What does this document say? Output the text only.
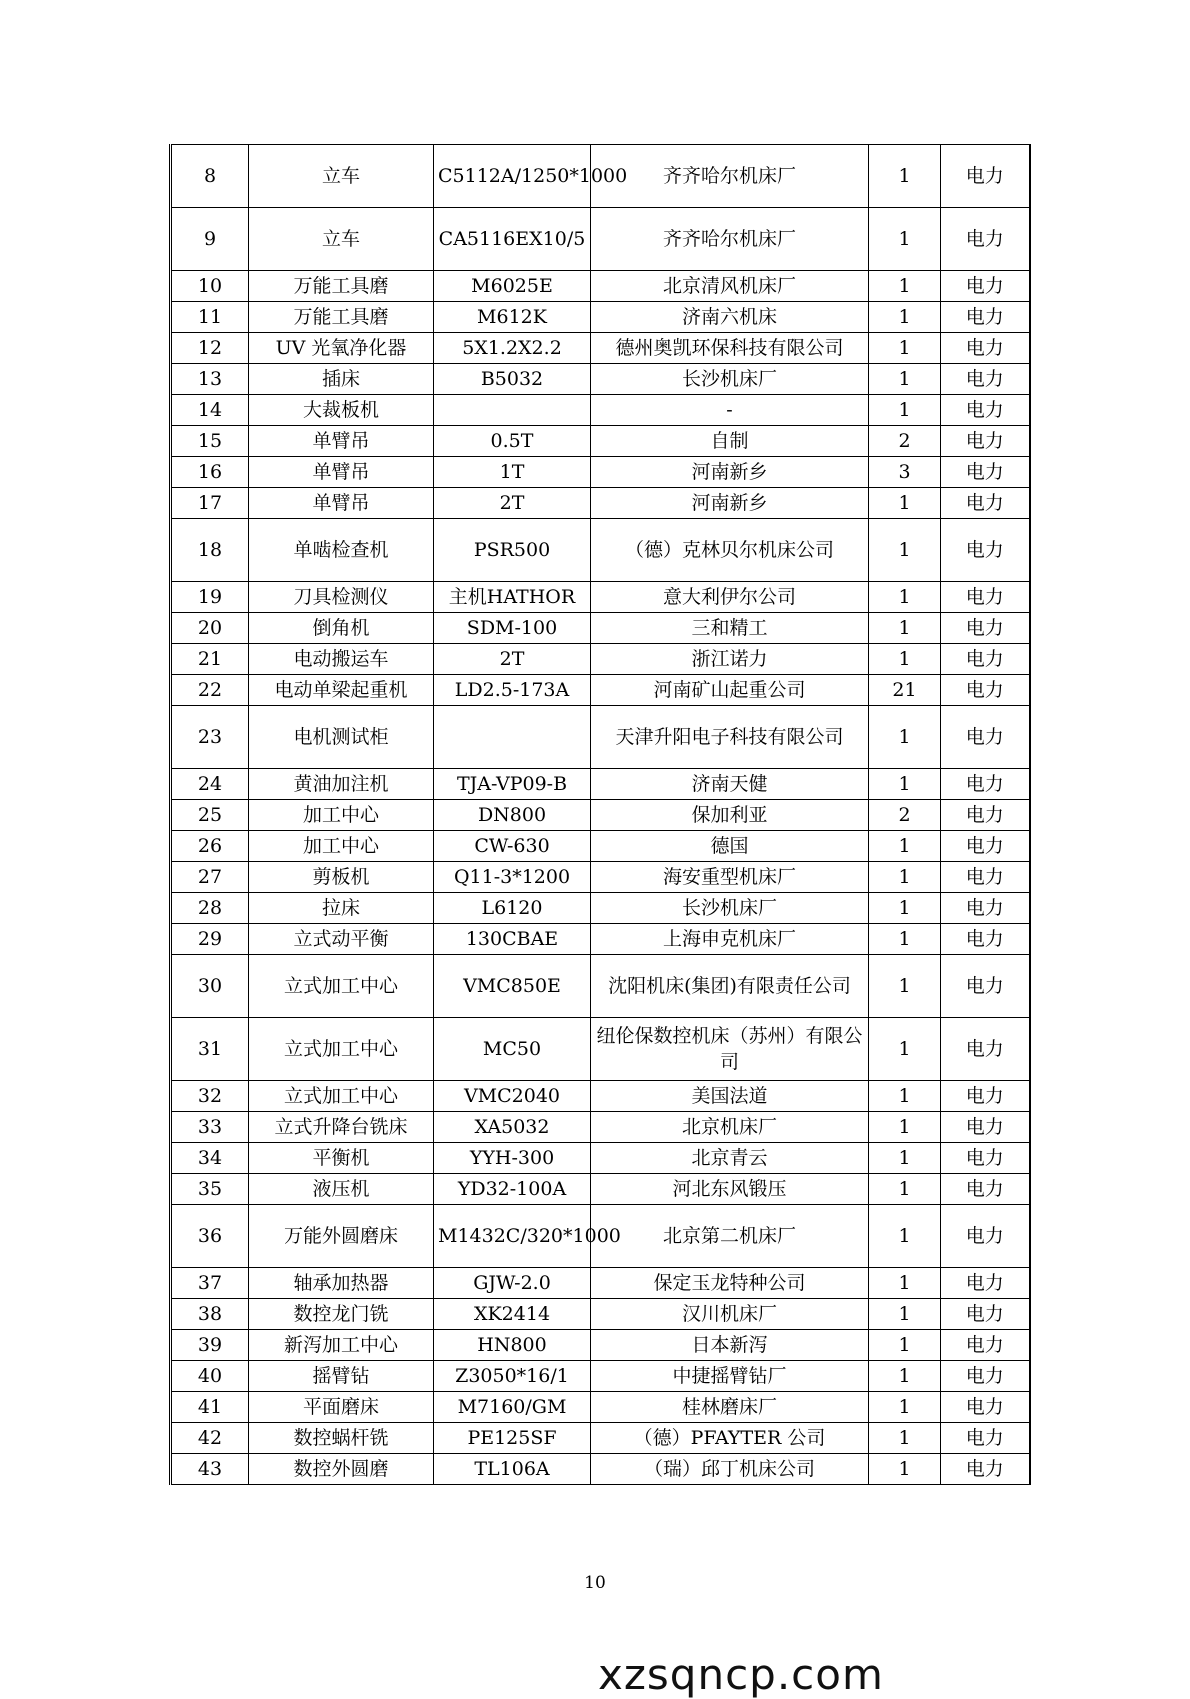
8	立车	C5112A/1250*1000	齐齐哈尔机床厂	1	电力
9	立车	CA5116EX10/5	齐齐哈尔机床厂	1	电力
10	万能工具磨	M6025E	北京清风机床厂	1	电力
11	万能工具磨	M612K	济南六机床	1	电力
12	UV 光氧净化器	5X1.2X2.2	德州奥凯环保科技有限公司	1	电力
13	插床	B5032	长沙机床厂	1	电力
14	大裁板机		-	1	电力
15	单臂吊	0.5T	自制	2	电力
16	单臂吊	1T	河南新乡	3	电力
17	单臂吊	2T	河南新乡	1	电力
18	单啮检查机	PSR500	（德）克林贝尔机床公司	1	电力
19	刀具检测仪	主机HATHOR	意大利伊尔公司	1	电力
20	倒角机	SDM-100	三和精工	1	电力
21	电动搬运车	2T	浙江诺力	1	电力
22	电动单梁起重机	LD2.5-173A	河南矿山起重公司	21	电力
23	电机测试柜		天津升阳电子科技有限公司	1	电力
24	黄油加注机	TJA-VP09-B	济南天健	1	电力
25	加工中心	DN800	保加利亚	2	电力
26	加工中心	CW-630	德国	1	电力
27	剪板机	Q11-3*1200	海安重型机床厂	1	电力
28	拉床	L6120	长沙机床厂	1	电力
29	立式动平衡	130CBAE	上海申克机床厂	1	电力
30	立式加工中心	VMC850E	沈阳机床(集团)有限责任公司	1	电力
31	立式加工中心	MC50	纽伦保数控机床（苏州）有限公司	1	电力
32	立式加工中心	VMC2040	美国法道	1	电力
33	立式升降台铣床	XA5032	北京机床厂	1	电力
34	平衡机	YYH-300	北京青云	1	电力
35	液压机	YD32-100A	河北东风锻压	1	电力
36	万能外圆磨床	M1432C/320*1000	北京第二机床厂	1	电力
37	轴承加热器	GJW-2.0	保定玉龙特种公司	1	电力
38	数控龙门铣	XK2414	汉川机床厂	1	电力
39	新泻加工中心	HN800	日本新泻	1	电力
40	摇臂钻	Z3050*16/1	中捷摇臂钻厂	1	电力
41	平面磨床	M7160/GM	桂林磨床厂	1	电力
42	数控蜗杆铣	PE125SF	（德）PFAYTER 公司	1	电力
43	数控外圆磨	TL106A	（瑞）邱丁机床公司	1	电力
10
xzsqncp.com
